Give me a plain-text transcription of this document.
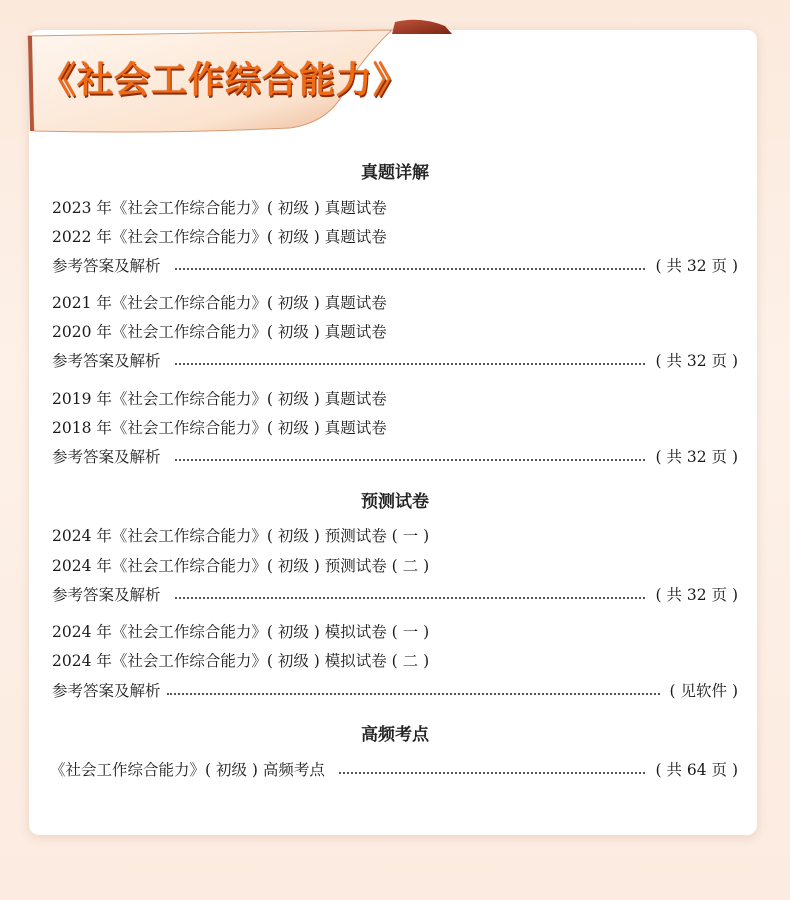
《社会工作综合能力》
真题详解
2023 年《社会工作综合能力》( 初级 ) 真题试卷
2022 年《社会工作综合能力》( 初级 ) 真题试卷
参考答案及解析	( 共 32 页 )
2021 年《社会工作综合能力》( 初级 ) 真题试卷
2020 年《社会工作综合能力》( 初级 ) 真题试卷
参考答案及解析	( 共 32 页 )
2019 年《社会工作综合能力》( 初级 ) 真题试卷
2018 年《社会工作综合能力》( 初级 ) 真题试卷
参考答案及解析	( 共 32 页 )
预测试卷
2024 年《社会工作综合能力》( 初级 ) 预测试卷 ( 一 )
2024 年《社会工作综合能力》( 初级 ) 预测试卷 ( 二 )
参考答案及解析	( 共 32 页 )
2024 年《社会工作综合能力》( 初级 ) 模拟试卷 ( 一 )
2024 年《社会工作综合能力》( 初级 ) 模拟试卷 ( 二 )
参考答案及解析	( 见软件 )
高频考点
《社会工作综合能力》( 初级 ) 高频考点	( 共 64 页 )
